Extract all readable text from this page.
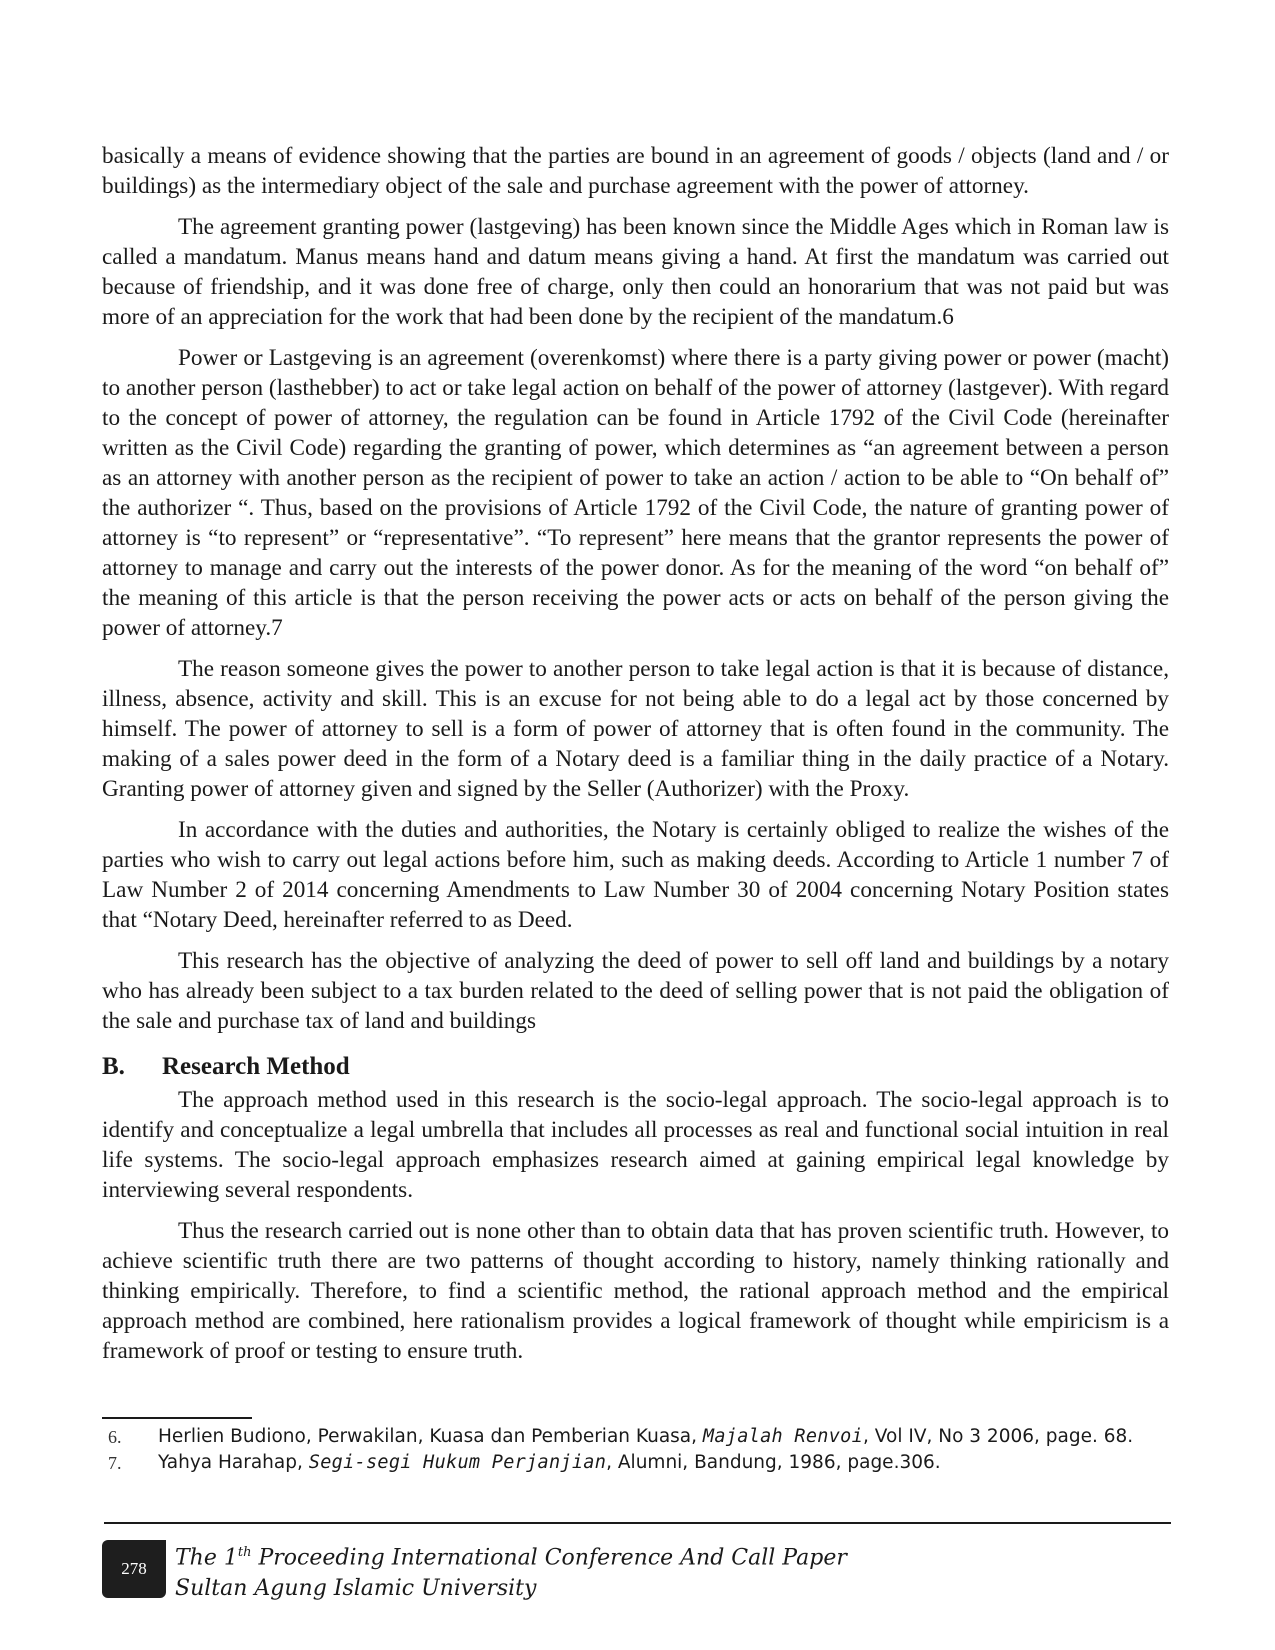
basically a means of evidence showing that the parties are bound in an agreement of goods / objects (land and / or buildings) as the intermediary object of the sale and purchase agreement with the power of attorney.

The agreement granting power (lastgeving) has been known since the Middle Ages which in Roman law is called a mandatum. Manus means hand and datum means giving a hand. At first the mandatum was carried out because of friendship, and it was done free of charge, only then could an honorarium that was not paid but was more of an appreciation for the work that had been done by the recipient of the mandatum.6

Power or Lastgeving is an agreement (overenkomst) where there is a party giving power or power (macht) to another person (lasthebber) to act or take legal action on behalf of the power of attorney (lastgever). With regard to the concept of power of attorney, the regulation can be found in Article 1792 of the Civil Code (hereinafter written as the Civil Code) regarding the granting of power, which determines as “an agreement between a person as an attorney with another person as the recipient of power to take an action / action to be able to “On behalf of” the authorizer “. Thus, based on the provisions of Article 1792 of the Civil Code, the nature of granting power of attorney is “to represent” or “representative”. “To represent” here means that the grantor represents the power of attorney to manage and carry out the interests of the power donor. As for the meaning of the word “on behalf of” the meaning of this article is that the person receiving the power acts or acts on behalf of the person giving the power of attorney.7

The reason someone gives the power to another person to take legal action is that it is because of distance, illness, absence, activity and skill. This is an excuse for not being able to do a legal act by those concerned by himself. The power of attorney to sell is a form of power of attorney that is often found in the community. The making of a sales power deed in the form of a Notary deed is a familiar thing in the daily practice of a Notary. Granting power of attorney given and signed by the Seller (Authorizer) with the Proxy.

In accordance with the duties and authorities, the Notary is certainly obliged to realize the wishes of the parties who wish to carry out legal actions before him, such as making deeds. According to Article 1 number 7 of Law Number 2 of 2014 concerning Amendments to Law Number 30 of 2004 concerning Notary Position states that “Notary Deed, hereinafter referred to as Deed.

This research has the objective of analyzing the deed of power to sell off land and buildings by a notary who has already been subject to a tax burden related to the deed of selling power that is not paid the obligation of the sale and purchase tax of land and buildings

B.	Research Method

The approach method used in this research is the socio-legal approach. The socio-legal approach is to identify and conceptualize a legal umbrella that includes all processes as real and functional social intuition in real life systems. The socio-legal approach emphasizes research aimed at gaining empirical legal knowledge by interviewing several respondents.

Thus the research carried out is none other than to obtain data that has proven scientific truth. However, to achieve scientific truth there are two patterns of thought according to history, namely thinking rationally and thinking empirically. Therefore, to find a scientific method, the rational approach method and the empirical approach method are combined, here rationalism provides a logical framework of thought while empiricism is a framework of proof or testing to ensure truth.

6.	Herlien Budiono, Perwakilan, Kuasa dan Pemberian Kuasa, Majalah Renvoi, Vol IV, No 3 2006, page. 68.
7.	Yahya Harahap, Segi-segi Hukum Perjanjian, Alumni, Bandung, 1986, page.306.
278 The 1th Proceeding International Conference And Call Paper
Sultan Agung Islamic University
